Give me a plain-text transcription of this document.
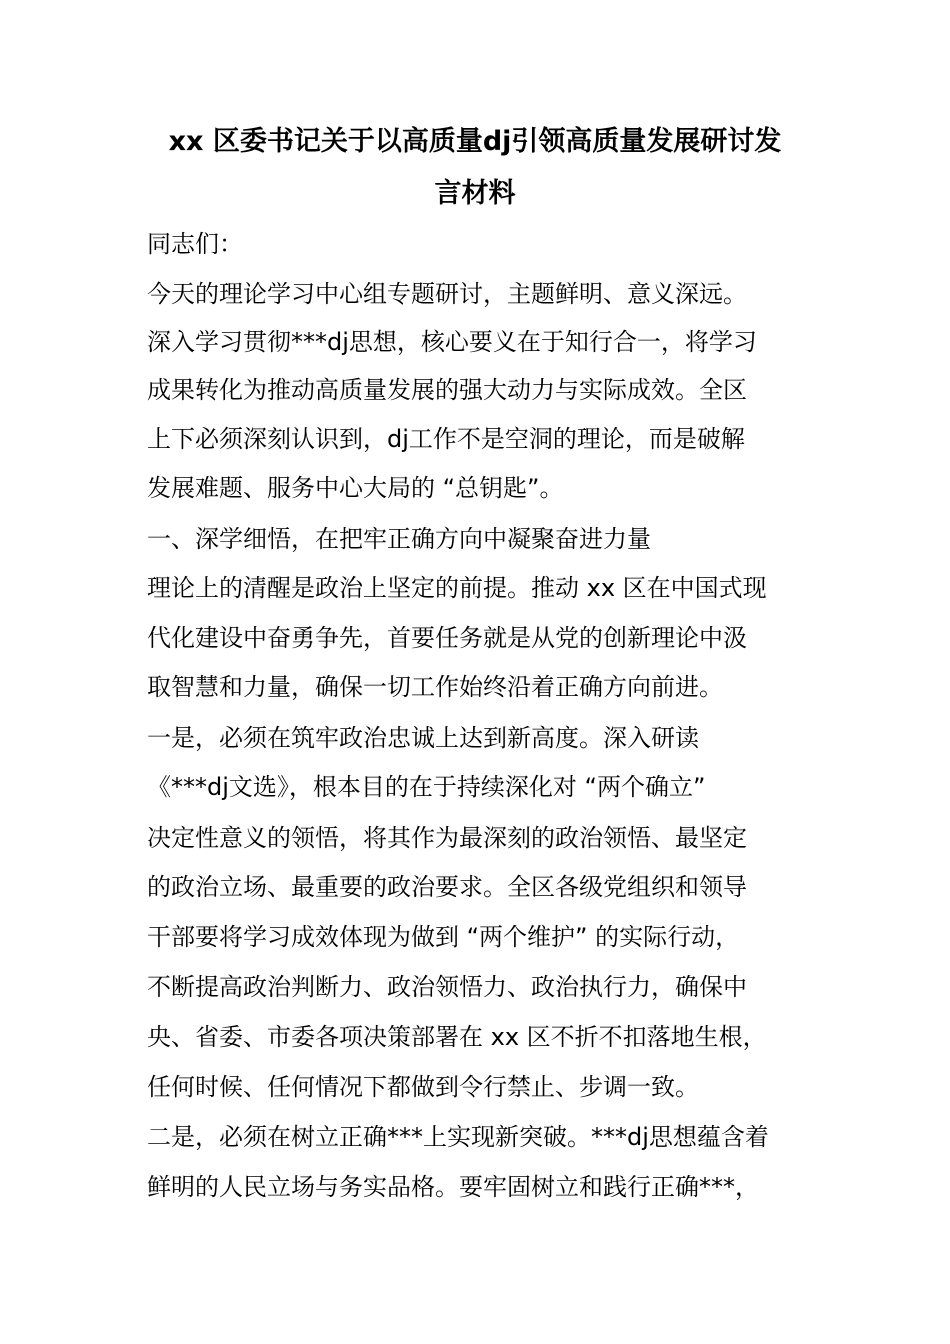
xx 区委书记关于以高质量dj引领高质量发展研讨发
言材料
同志们：
今天的理论学习中心组专题研讨，主题鲜明、意义深远。
深入学习贯彻***dj思想，核心要义在于知行合一，将学习
成果转化为推动高质量发展的强大动力与实际成效。全区
上下必须深刻认识到，dj工作不是空洞的理论，而是破解
发展难题、服务中心大局的 “总钥匙”。
一、深学细悟，在把牢正确方向中凝聚奋进力量
理论上的清醒是政治上坚定的前提。推动 xx 区在中国式现
代化建设中奋勇争先，首要任务就是从党的创新理论中汲
取智慧和力量，确保一切工作始终沿着正确方向前进。
一是，必须在筑牢政治忠诚上达到新高度。深入研读
《***dj文选》，根本目的在于持续深化对 “两个确立”
决定性意义的领悟，将其作为最深刻的政治领悟、最坚定
的政治立场、最重要的政治要求。全区各级党组织和领导
干部要将学习成效体现为做到 “两个维护” 的实际行动，
不断提高政治判断力、政治领悟力、政治执行力，确保中
央、省委、市委各项决策部署在 xx 区不折不扣落地生根，
任何时候、任何情况下都做到令行禁止、步调一致。
二是，必须在树立正确***上实现新突破。***dj思想蕴含着
鲜明的人民立场与务实品格。要牢固树立和践行正确***，
